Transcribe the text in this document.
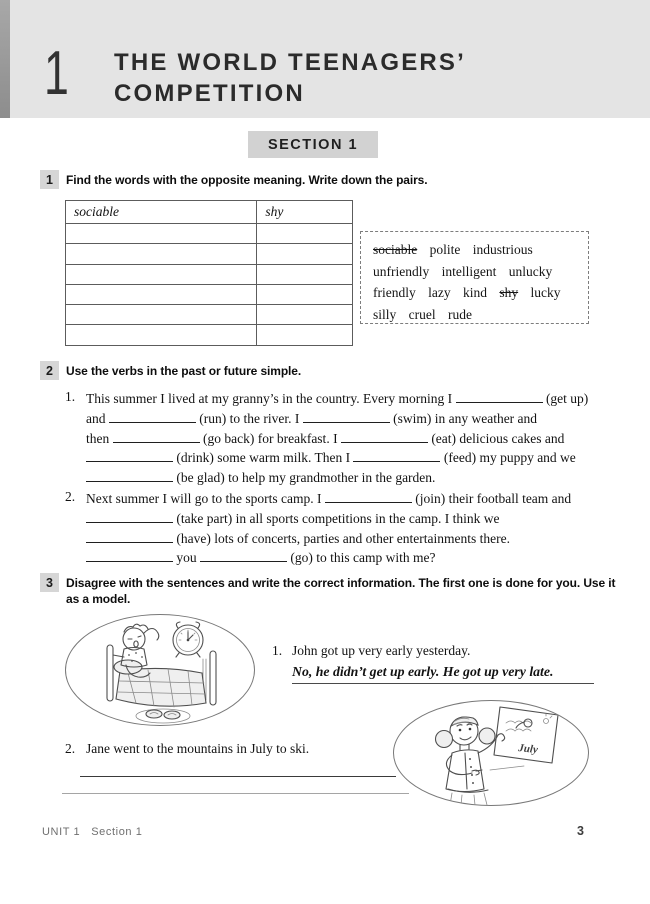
1 THE WORLD TEENAGERS’
COMPETITION
SECTION 1
1	Find the words with the opposite meaning. Write down the pairs.
sociable	shy

sociable polite industrious
unfriendly intelligent unlucky
friendly lazy kind shy lucky
silly cruel rude
2	Use the verbs in the past or future simple.
1. This summer I lived at my granny’s in the country. Every morning I	(get up)
and	(run) to the river. I	(swim) in any weather and
then	(go back) for breakfast. I	(eat) delicious cakes and
(drink) some warm milk. Then I	(feed) my puppy and we
(be glad) to help my grandmother in the garden.
2. Next summer I will go to the sports camp. I	(join) their football team and
(take part) in all sports competitions in the camp. I think we
(have) lots of concerts, parties and other entertainments there.
you	(go) to this camp with me?
3	Disagree with the sentences and write the correct information. The first one is done for you. Use it
as a model.
1. John got up very early yesterday.
No, he didn’t get up early. He got up very late.
2. Jane went to the mountains in July to ski.	July
UNIT 1 Section 1	3
